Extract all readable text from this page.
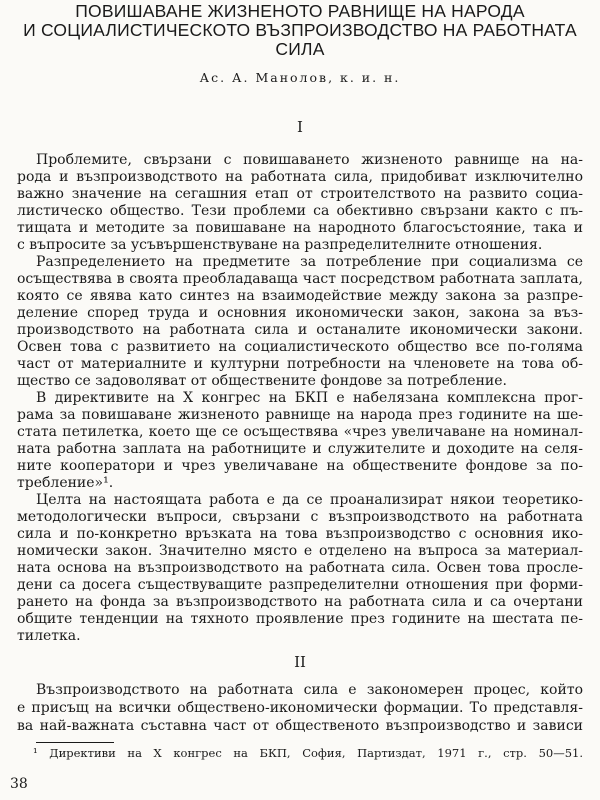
ПОВИШАВАНЕ ЖИЗНЕНОТО РАВНИЩЕ НА НАРОДА
И СОЦИАЛИСТИЧЕСКОТО ВЪЗПРОИЗВОДСТВО НА РАБОТНАТА
СИЛА
Ас. А. Манолов, к. и. н.
I
Проблемите, свързани с повишаването жизненото равнище на на-
рода и възпроизводството на работната сила, придобиват изключително
важно значение на сегашния етап от строителството на развито социа-
листическо общество. Тези проблеми са обективно свързани както с пъ-
тищата и методите за повишаване на народното благосъстояние, така и
с въпросите за усъвършенствуване на разпределителните отношения.
Разпределението на предметите за потребление при социализма се
осъществява в своята преобладаваща част посредством работната заплата,
която се явява като синтез на взаимодействие между закона за разпре-
деление според труда и основния икономически закон, закона за въз-
производството на работната сила и останалите икономически закони.
Освен това с развитието на социалистическото общество все по-голяма
част от материалните и културни потребности на членовете на това об-
щество се задоволяват от обществените фондове за потребление.
В директивите на X конгрес на БКП е набелязана комплексна прог-
рама за повишаване жизненото равнище на народа през годините на ше-
стата петилетка, което ще се осъществява «чрез увеличаване на номинал-
ната работна заплата на работниците и служителите и доходите на селя-
ните кооператори и чрез увеличаване на обществените фондове за по-
требление»¹.
Целта на настоящата работа е да се проанализират някои теоретико-
методологически въпроси, свързани с възпроизводството на работната
сила и по-конкретно връзката на това възпроизводство с основния ико-
номически закон. Значително място е отделено на въпроса за материал-
ната основа на възпроизводството на работната сила. Освен това просле-
дени са досега съществуващите разпределителни отношения при форми-
рането на фонда за възпроизводството на работната сила и са очертани
общите тенденции на тяхното проявление през годините на шестата пе-
тилетка.
II
Възпроизводството на работната сила е закономерен процес, който
е присъщ на всички обществено-икономически формации. То представля-
ва най-важната съставна част от общественото възпроизводство и зависи
¹ Директиви на X конгрес на БКП, София, Партиздат, 1971 г., стр. 50—51.
38
